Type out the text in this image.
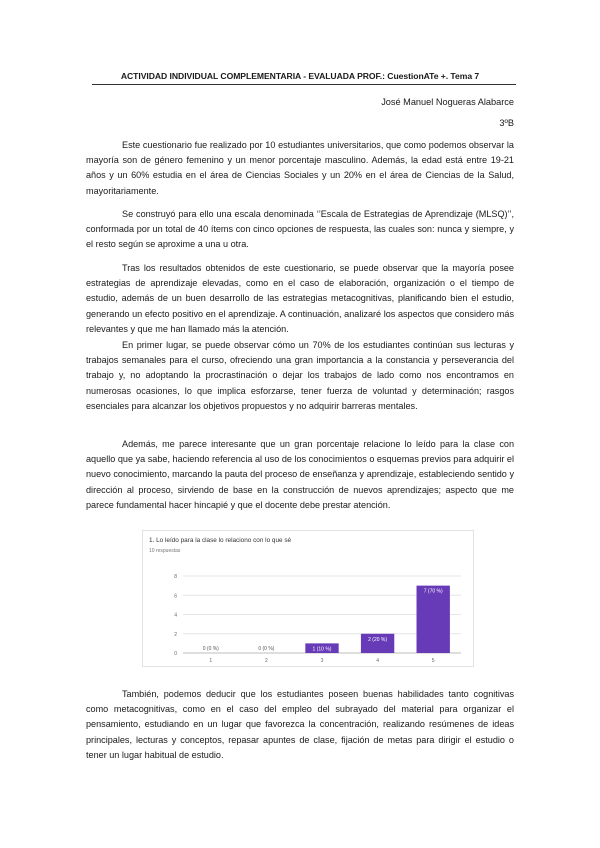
ACTIVIDAD INDIVIDUAL COMPLEMENTARIA - EVALUADA PROF.: CuestionATe +. Tema 7
José Manuel Nogueras Alabarce
3ºB

Este cuestionario fue realizado por 10 estudiantes universitarios, que como podemos observar la mayoría son de género femenino y un menor porcentaje masculino. Además, la edad está entre 19-21 años y un 60% estudia en el área de Ciencias Sociales y un 20% en el área de Ciencias de la Salud, mayoritariamente.

Se construyó para ello una escala denominada ‘’Escala de Estrategias de Aprendizaje (MLSQ)’’, conformada por un total de 40 ítems con cinco opciones de respuesta, las cuales son: nunca y siempre, y el resto según se aproxime a una u otra.

Tras los resultados obtenidos de este cuestionario, se puede observar que la mayoría posee estrategias de aprendizaje elevadas, como en el caso de elaboración, organización o el tiempo de estudio, además de un buen desarrollo de las estrategias metacognitivas, planificando bien el estudio, generando un efecto positivo en el aprendizaje. A continuación, analizaré los aspectos que considero más relevantes y que me han llamado más la atención.

En primer lugar, se puede observar cómo un 70% de los estudiantes continúan sus lecturas y trabajos semanales para el curso, ofreciendo una gran importancia a la constancia y perseverancia del trabajo y, no adoptando la procrastinación o dejar los trabajos de lado como nos encontramos en numerosas ocasiones, lo que implica esforzarse, tener fuerza de voluntad y determinación; rasgos esenciales para alcanzar los objetivos propuestos y no adquirir barreras mentales.

Además, me parece interesante que un gran porcentaje relacione lo leído para la clase con aquello que ya sabe, haciendo referencia al uso de los conocimientos o esquemas previos para adquirir el nuevo conocimiento, marcando la pauta del proceso de enseñanza y aprendizaje, estableciendo sentido y dirección al proceso, sirviendo de base en la construcción de nuevos aprendizajes; aspecto que me parece fundamental hacer hincapié y que el docente debe prestar atención.

1. Lo leído para la clase lo relaciono con lo que sé
10 respuestas
0
2
4
6
8
0 (0 %)
1
0 (0 %)
2
1 (10 %)
3
2 (20 %)
4
7 (70 %)
5

También, podemos deducir que los estudiantes poseen buenas habilidades tanto cognitivas como metacognitivas, como en el caso del empleo del subrayado del material para organizar el pensamiento, estudiando en un lugar que favorezca la concentración, realizando resúmenes de ideas principales, lecturas y conceptos, repasar apuntes de clase, fijación de metas para dirigir el estudio o tener un lugar habitual de estudio.
